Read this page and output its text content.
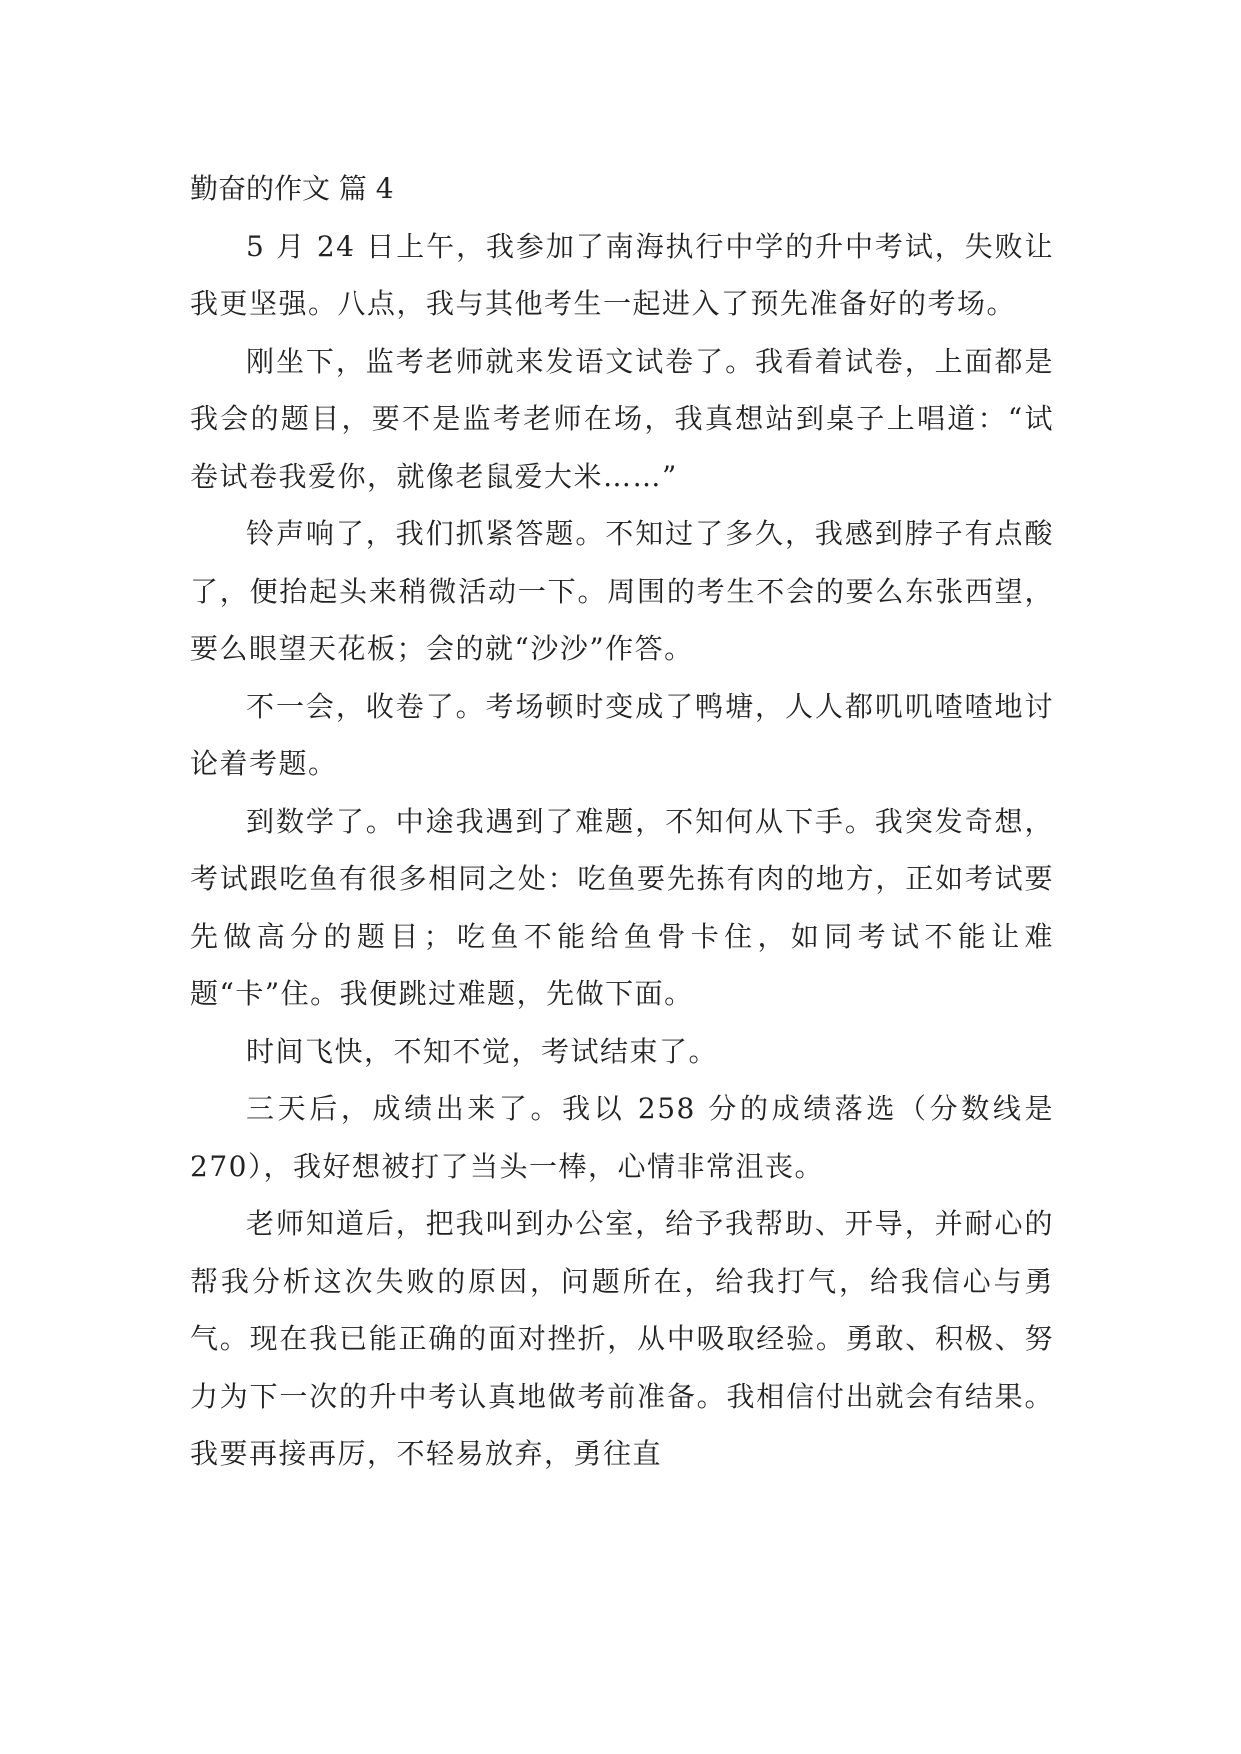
勤奋的作文 篇 4

5 月 24 日上午，我参加了南海执行中学的升中考试，失败让我更坚强。八点，我与其他考生一起进入了预先准备好的考场。

刚坐下，监考老师就来发语文试卷了。我看着试卷，上面都是我会的题目，要不是监考老师在场，我真想站到桌子上唱道：“试卷试卷我爱你，就像老鼠爱大米……”

铃声响了，我们抓紧答题。不知过了多久，我感到脖子有点酸了，便抬起头来稍微活动一下。周围的考生不会的要么东张西望，要么眼望天花板；会的就“沙沙”作答。

不一会，收卷了。考场顿时变成了鸭塘，人人都叽叽喳喳地讨论着考题。

到数学了。中途我遇到了难题，不知何从下手。我突发奇想，考试跟吃鱼有很多相同之处：吃鱼要先拣有肉的地方，正如考试要先做高分的题目；吃鱼不能给鱼骨卡住，如同考试不能让难题“卡”住。我便跳过难题，先做下面。

时间飞快，不知不觉，考试结束了。

三天后，成绩出来了。我以 258 分的成绩落选（分数线是 270），我好想被打了当头一棒，心情非常沮丧。

老师知道后，把我叫到办公室，给予我帮助、开导，并耐心的帮我分析这次失败的原因，问题所在，给我打气，给我信心与勇气。现在我已能正确的面对挫折，从中吸取经验。勇敢、积极、努力为下一次的升中考认真地做考前准备。我相信付出就会有结果。我要再接再厉，不轻易放弃，勇往直
